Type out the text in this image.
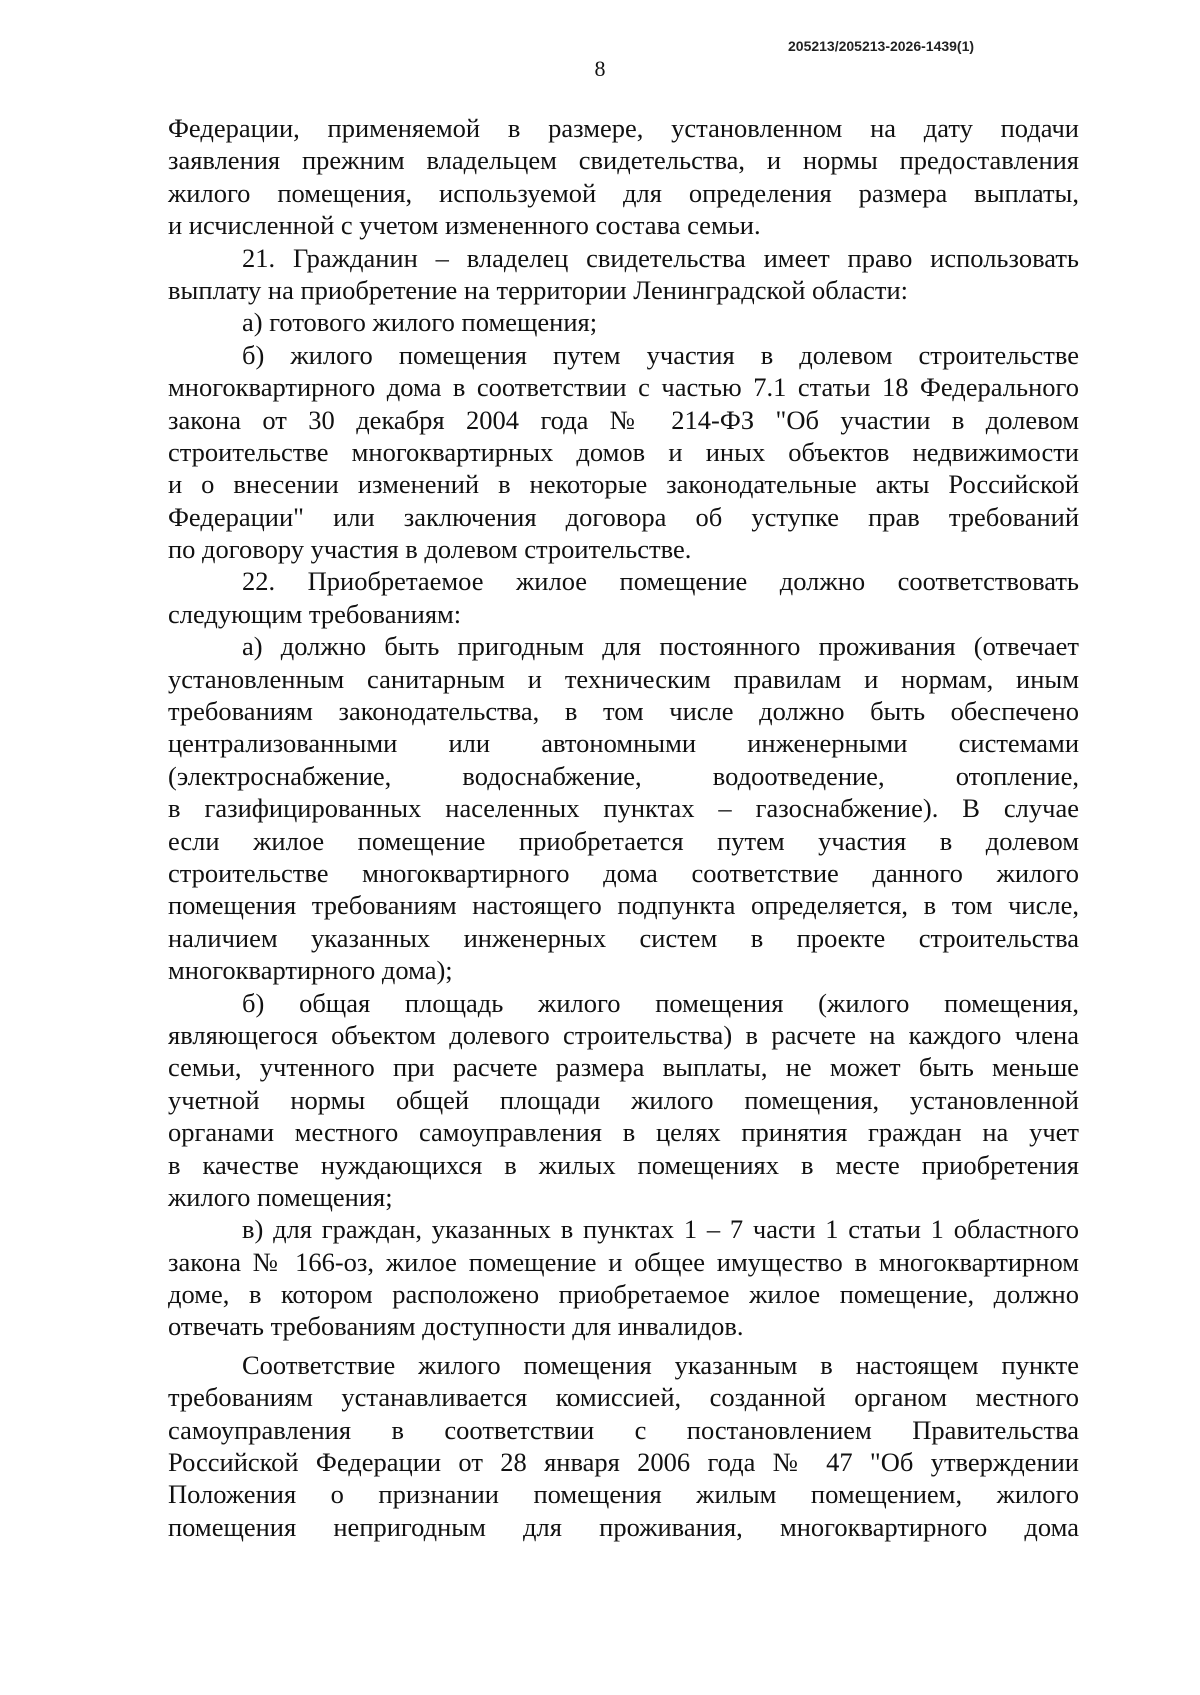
205213/205213-2026-1439(1)
8
Федерации, применяемой в размере, установленном на дату подачи
заявления прежним владельцем свидетельства, и нормы предоставления
жилого помещения, используемой для определения размера выплаты,
и исчисленной с учетом измененного состава семьи.
21. Гражданин – владелец свидетельства имеет право использовать
выплату на приобретение на территории Ленинградской области:
а) готового жилого помещения;
б) жилого помещения путем участия в долевом строительстве
многоквартирного дома в соответствии с частью 7.1 статьи 18 Федерального
закона от 30 декабря 2004 года № 214-ФЗ "Об участии в долевом
строительстве многоквартирных домов и иных объектов недвижимости
и о внесении изменений в некоторые законодательные акты Российской
Федерации" или заключения договора об уступке прав требований
по договору участия в долевом строительстве.
22. Приобретаемое жилое помещение должно соответствовать
следующим требованиям:
а) должно быть пригодным для постоянного проживания (отвечает
установленным санитарным и техническим правилам и нормам, иным
требованиям законодательства, в том числе должно быть обеспечено
централизованными или автономными инженерными системами
(электроснабжение, водоснабжение, водоотведение, отопление,
в газифицированных населенных пунктах – газоснабжение). В случае
если жилое помещение приобретается путем участия в долевом
строительстве многоквартирного дома соответствие данного жилого
помещения требованиям настоящего подпункта определяется, в том числе,
наличием указанных инженерных систем в проекте строительства
многоквартирного дома);
б) общая площадь жилого помещения (жилого помещения,
являющегося объектом долевого строительства) в расчете на каждого члена
семьи, учтенного при расчете размера выплаты, не может быть меньше
учетной нормы общей площади жилого помещения, установленной
органами местного самоуправления в целях принятия граждан на учет
в качестве нуждающихся в жилых помещениях в месте приобретения
жилого помещения;
в) для граждан, указанных в пунктах 1 – 7 части 1 статьи 1 областного
закона № 166-оз, жилое помещение и общее имущество в многоквартирном
доме, в котором расположено приобретаемое жилое помещение, должно
отвечать требованиям доступности для инвалидов.
Соответствие жилого помещения указанным в настоящем пункте
требованиям устанавливается комиссией, созданной органом местного
самоуправления в соответствии с постановлением Правительства
Российской Федерации от 28 января 2006 года № 47 "Об утверждении
Положения о признании помещения жилым помещением, жилого
помещения непригодным для проживания, многоквартирного дома
